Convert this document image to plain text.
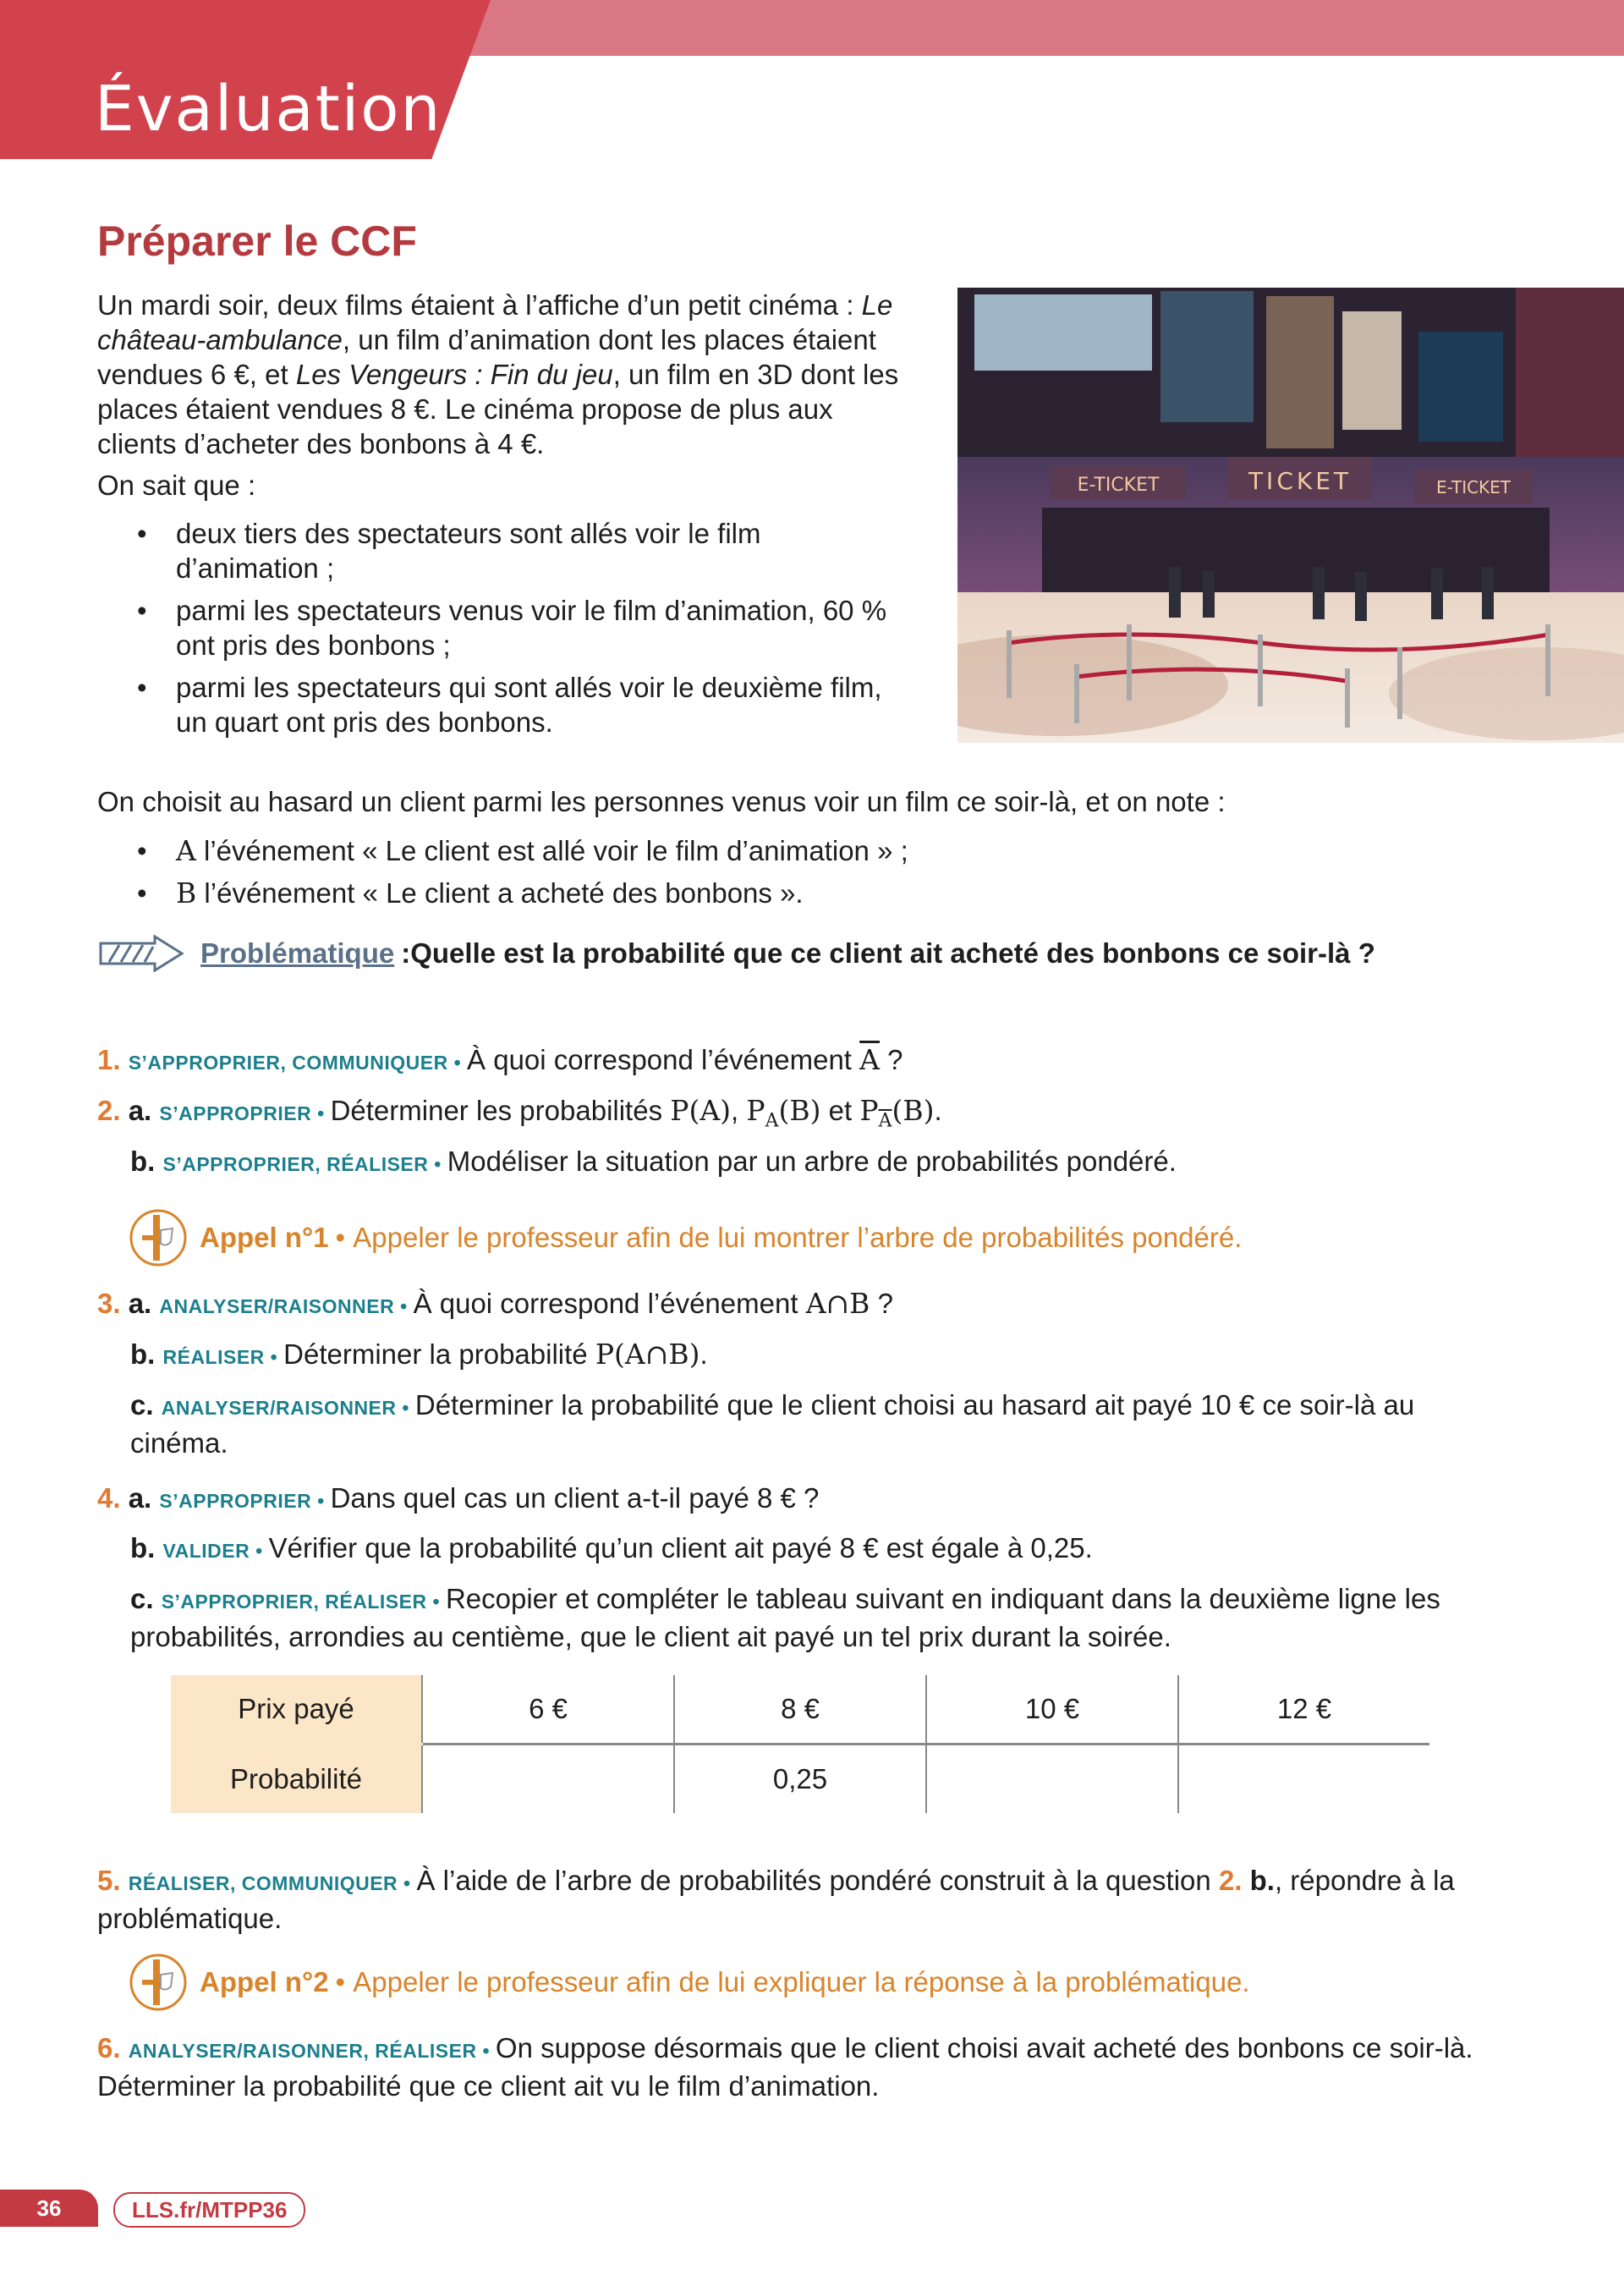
Évaluation
Préparer le CCF

Un mardi soir, deux films étaient à l’affiche d’un petit cinéma : Le château-ambulance, un film d’animation dont les places étaient vendues 6 €, et Les Vengeurs : Fin du jeu, un film en 3D dont les places étaient vendues 8 €. Le cinéma propose de plus aux clients d’acheter des bonbons à 4 €.

On sait que :

• deux tiers des spectateurs sont allés voir le film d’animation ;
• parmi les spectateurs venus voir le film d’animation, 60 % ont pris des bonbons ;
• parmi les spectateurs qui sont allés voir le deuxième film, un quart ont pris des bonbons.
E-TICKET	TICKET	E-TICKET

On choisit au hasard un client parmi les personnes venus voir un film ce soir-là, et on note :

• A l’événement « Le client est allé voir le film d’animation » ;
• B l’événement « Le client a acheté des bonbons ».
Problématique : Quelle est la probabilité que ce client ait acheté des bonbons ce soir-là ?
1. S’APPROPRIER, COMMUNIQUER • À quoi correspond l’événement $\overline{A}$ ?
2. a. S’APPROPRIER • Déterminer les probabilités P(A), $P_A(B)$ et $P_{\overline{A}}(B)$.
b. S’APPROPRIER, RÉALISER • Modéliser la situation par un arbre de probabilités pondéré.
Appel n°1 •
Appeler le professeur afin de lui montrer l’arbre de probabilités pondéré.
3. a. ANALYSER/RAISONNER • À quoi correspond l’événement A∩B ?
b. RÉALISER • Déterminer la probabilité P(A∩B).
c. ANALYSER/RAISONNER • Déterminer la probabilité que le client choisi au hasard ait payé 10 € ce soir-là au cinéma.
4. a. S’APPROPRIER • Dans quel cas un client a-t-il payé 8 € ?
b. VALIDER • Vérifier que la probabilité qu’un client ait payé 8 € est égale à 0,25.
c. S’APPROPRIER, RÉALISER • Recopier et compléter le tableau suivant en indiquant dans la deuxième ligne les probabilités, arrondies au centième, que le client ait payé un tel prix durant la soirée.
Prix payé	6 €	8 €	10 €	12 €
Probabilité		0,25		
5. RÉALISER, COMMUNIQUER • À l’aide de l’arbre de probabilités pondéré construit à la question 2. b., répondre à la problématique.
Appel n°2 •
Appeler le professeur afin de lui expliquer la réponse à la problématique.
6. ANALYSER/RAISONNER, RÉALISER • On suppose désormais que le client choisi avait acheté des bonbons ce soir-là. Déterminer la probabilité que ce client ait vu le film d’animation.
36	LLS.fr/MTPP36
